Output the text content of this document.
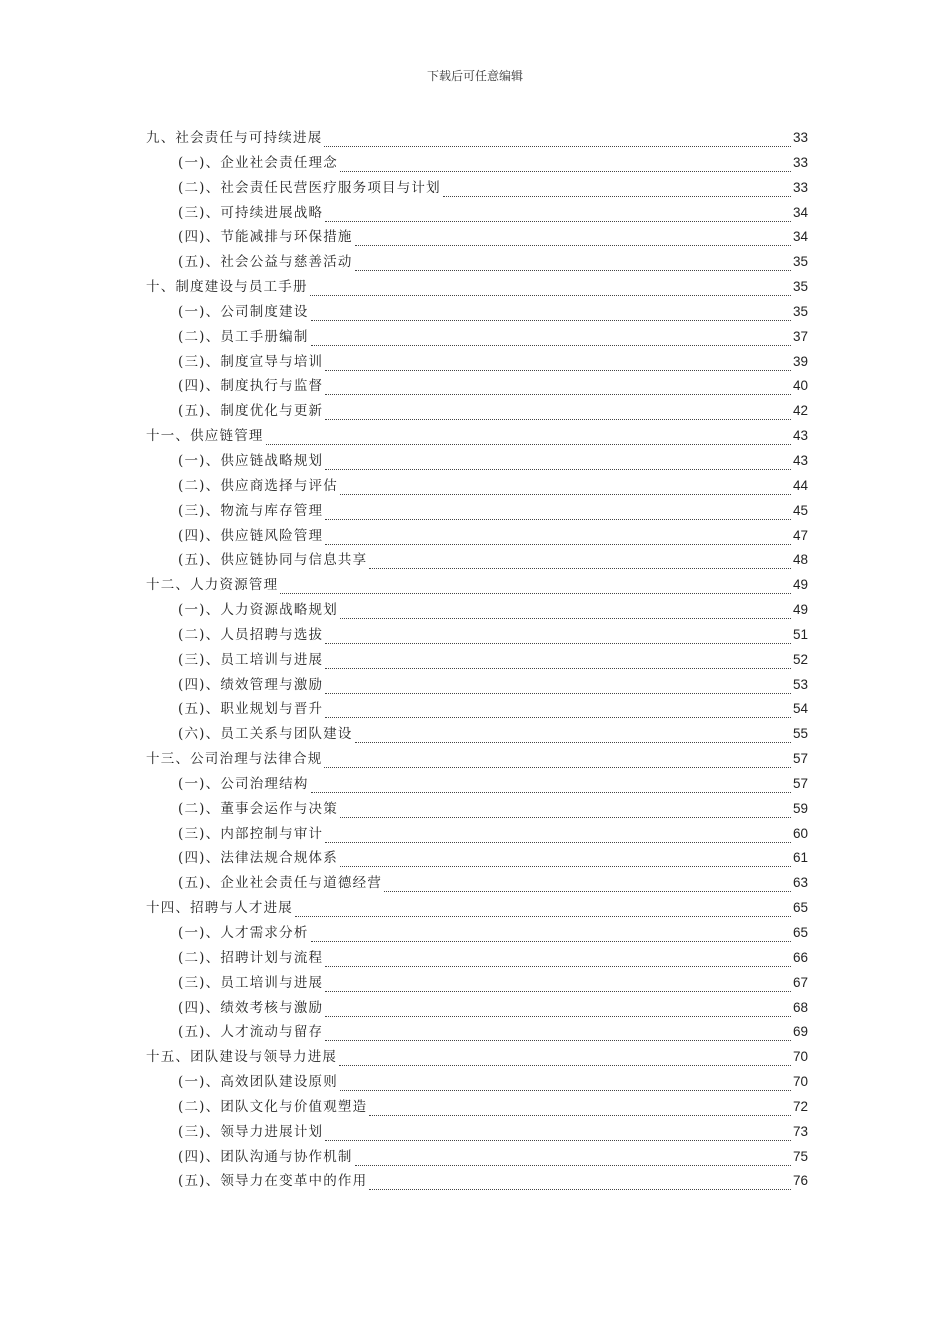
下载后可任意编辑
九、社会责任与可持续进展	33
(一)、企业社会责任理念	33
(二)、社会责任民营医疗服务项目与计划	33
(三)、可持续进展战略	34
(四)、节能减排与环保措施	34
(五)、社会公益与慈善活动	35
十、制度建设与员工手册	35
(一)、公司制度建设	35
(二)、员工手册编制	37
(三)、制度宣导与培训	39
(四)、制度执行与监督	40
(五)、制度优化与更新	42
十一、供应链管理	43
(一)、供应链战略规划	43
(二)、供应商选择与评估	44
(三)、物流与库存管理	45
(四)、供应链风险管理	47
(五)、供应链协同与信息共享	48
十二、人力资源管理	49
(一)、人力资源战略规划	49
(二)、人员招聘与选拔	51
(三)、员工培训与进展	52
(四)、绩效管理与激励	53
(五)、职业规划与晋升	54
(六)、员工关系与团队建设	55
十三、公司治理与法律合规	57
(一)、公司治理结构	57
(二)、董事会运作与决策	59
(三)、内部控制与审计	60
(四)、法律法规合规体系	61
(五)、企业社会责任与道德经营	63
十四、招聘与人才进展	65
(一)、人才需求分析	65
(二)、招聘计划与流程	66
(三)、员工培训与进展	67
(四)、绩效考核与激励	68
(五)、人才流动与留存	69
十五、团队建设与领导力进展	70
(一)、高效团队建设原则	70
(二)、团队文化与价值观塑造	72
(三)、领导力进展计划	73
(四)、团队沟通与协作机制	75
(五)、领导力在变革中的作用	76
